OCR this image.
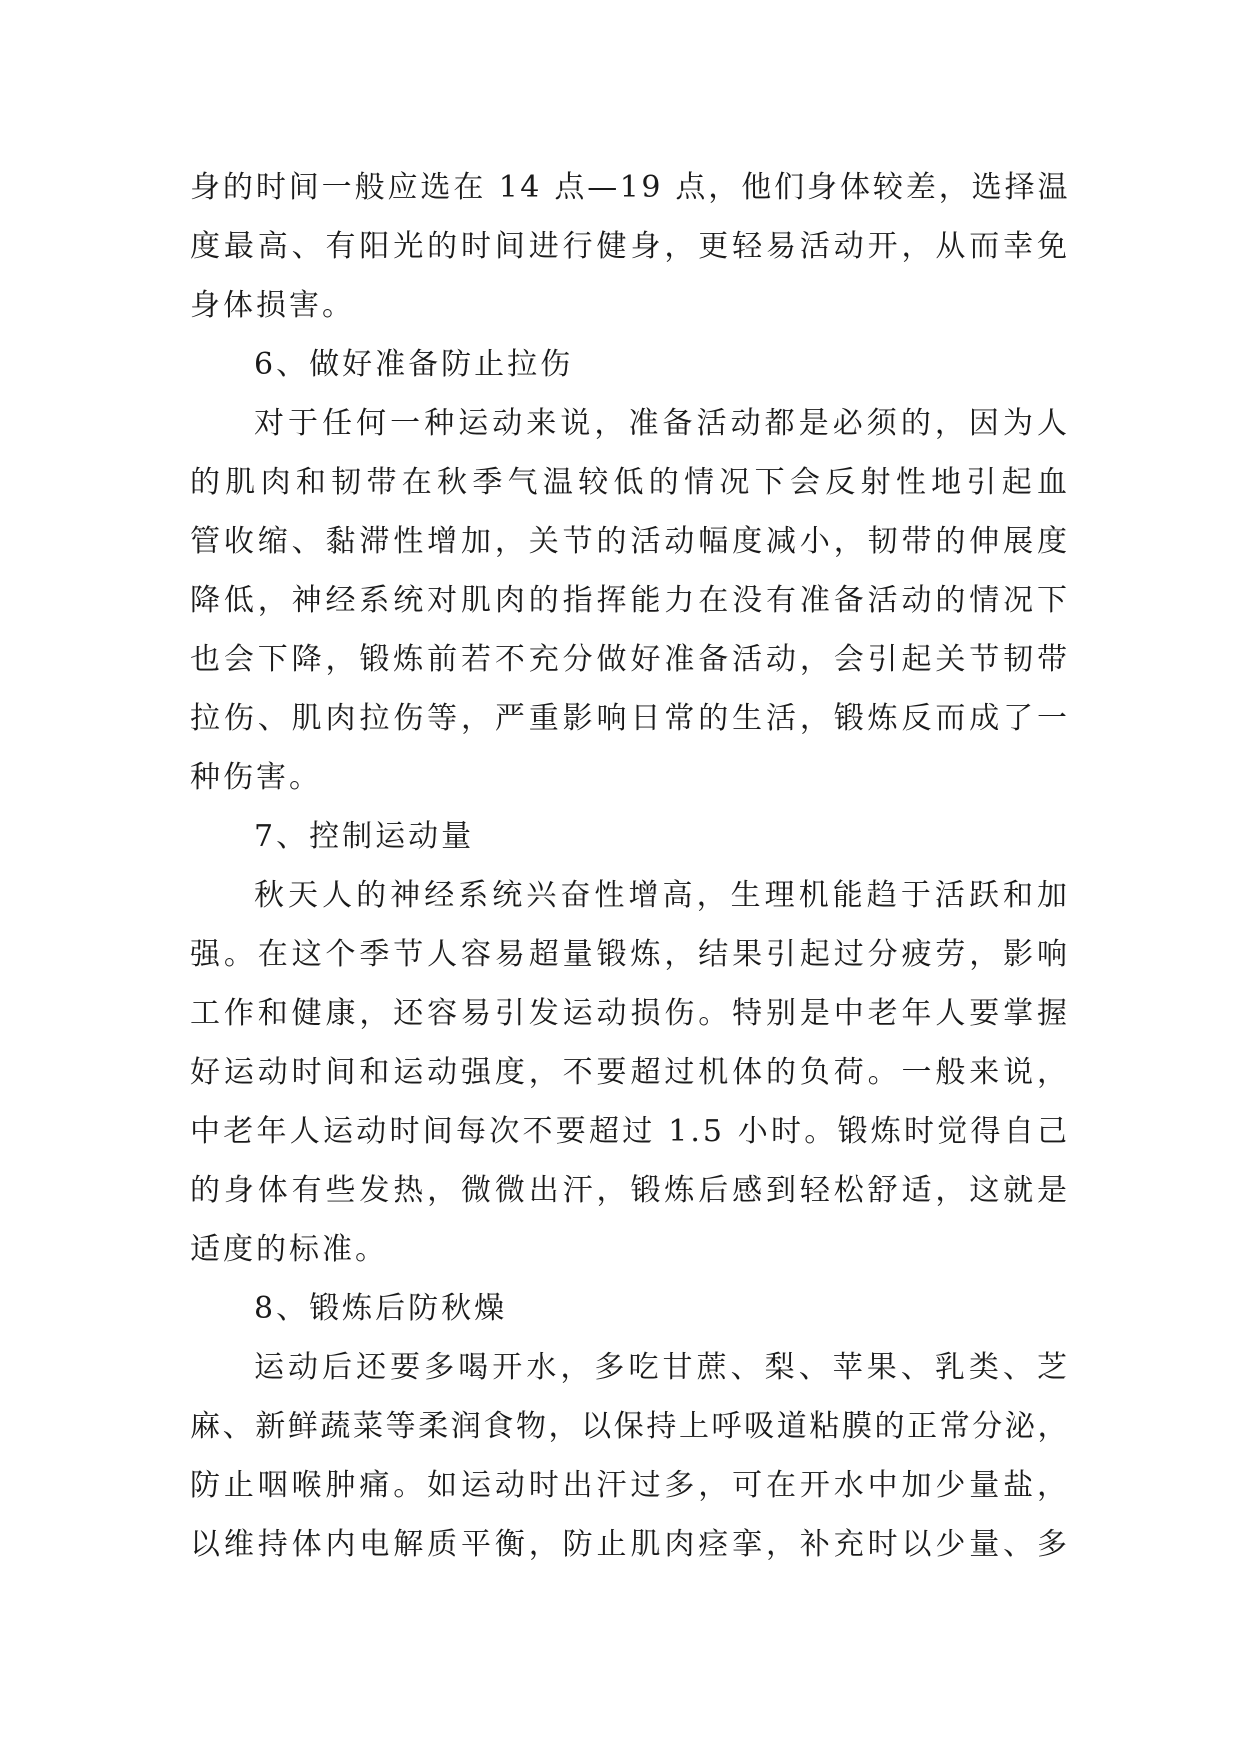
身的时间一般应选在 14 点—19 点，他们身体较差，选择温
度最高、有阳光的时间进行健身，更轻易活动开，从而幸免
身体损害。
6、做好准备防止拉伤
对于任何一种运动来说，准备活动都是必须的，因为人
的肌肉和韧带在秋季气温较低的情况下会反射性地引起血
管收缩、黏滞性增加，关节的活动幅度减小，韧带的伸展度
降低，神经系统对肌肉的指挥能力在没有准备活动的情况下
也会下降，锻炼前若不充分做好准备活动，会引起关节韧带
拉伤、肌肉拉伤等，严重影响日常的生活，锻炼反而成了一
种伤害。
7、控制运动量
秋天人的神经系统兴奋性增高，生理机能趋于活跃和加
强。在这个季节人容易超量锻炼，结果引起过分疲劳，影响
工作和健康，还容易引发运动损伤。特别是中老年人要掌握
好运动时间和运动强度，不要超过机体的负荷。一般来说，
中老年人运动时间每次不要超过 1.5 小时。锻炼时觉得自己
的身体有些发热，微微出汗，锻炼后感到轻松舒适，这就是
适度的标准。
8、锻炼后防秋燥
运动后还要多喝开水，多吃甘蔗、梨、苹果、乳类、芝
麻、新鲜蔬菜等柔润食物，以保持上呼吸道粘膜的正常分泌，
防止咽喉肿痛。如运动时出汗过多，可在开水中加少量盐，
以维持体内电解质平衡，防止肌肉痉挛，补充时以少量、多
